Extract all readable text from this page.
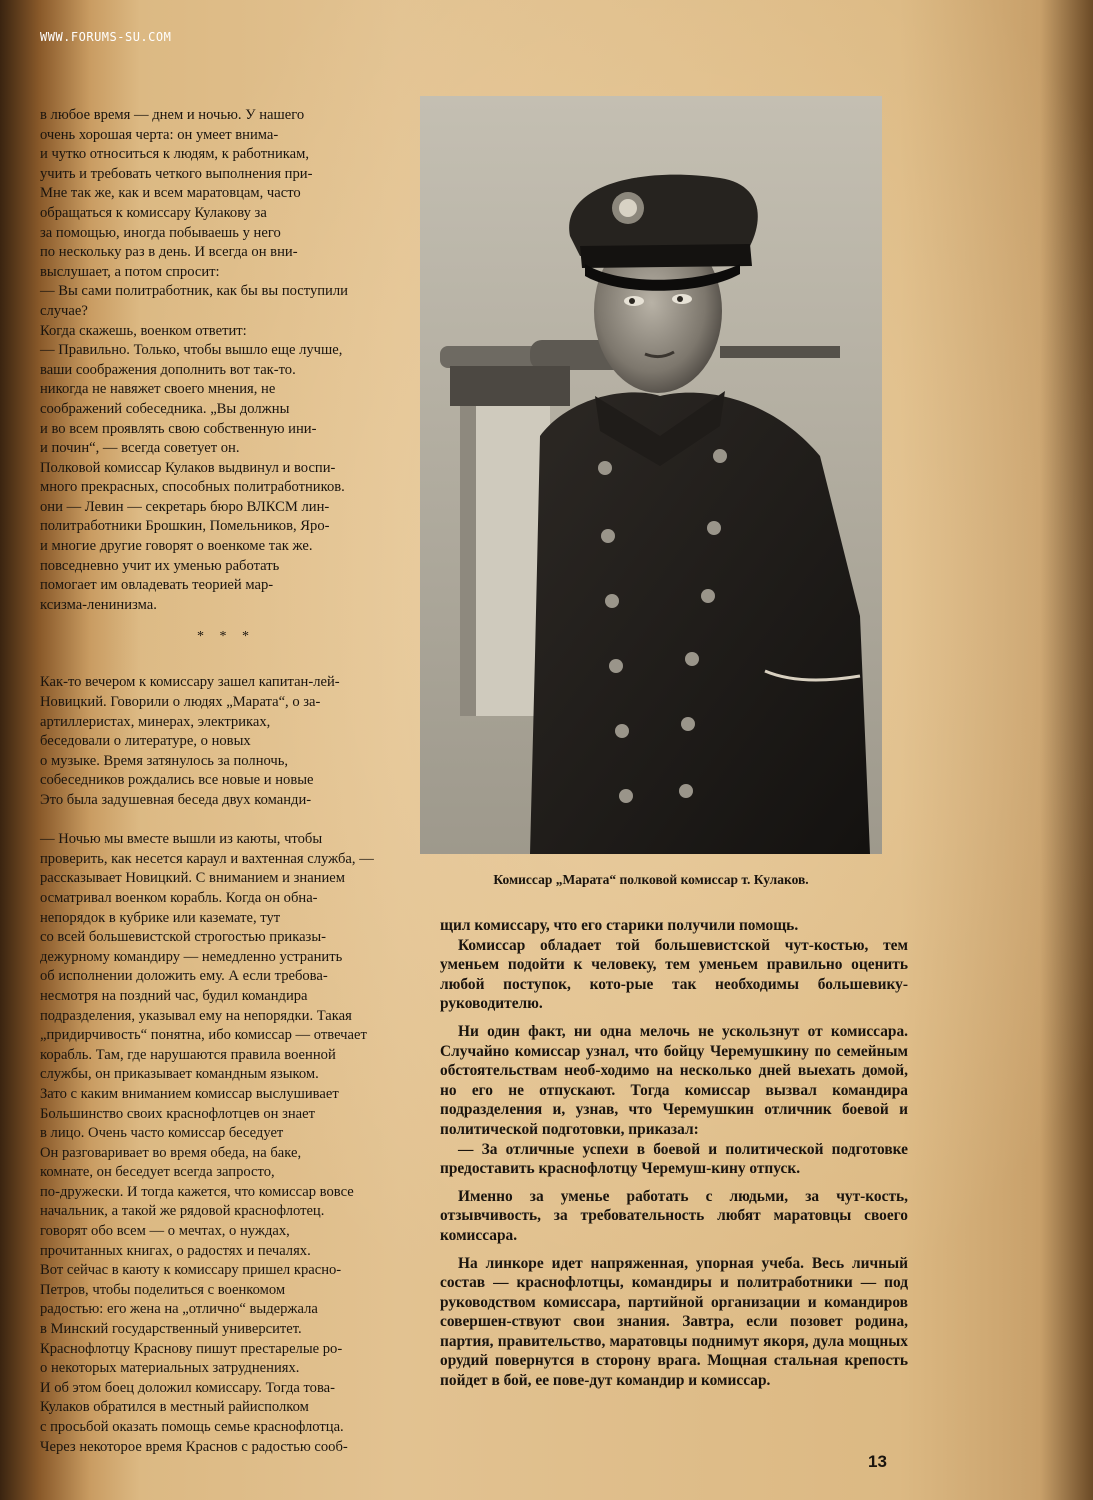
WWW.FORUMS-SU.COM

в любое время — днем и ночью. У нашего

очень хорошая черта: он умеет внима-

и чутко относиться к людям, к работникам,

учить и требовать четкого выполнения при-

Мне так же, как и всем маратовцам, часто

обращаться к комиссару Кулакову за

за помощью, иногда побываешь у него

по нескольку раз в день. И всегда он вни-

выслушает, а потом спросит:

— Вы сами политработник, как бы вы поступили

случае?

Когда скажешь, военком ответит:

— Правильно. Только, чтобы вышло еще лучше,

ваши соображения дополнить вот так-то.

никогда не навяжет своего мнения, не

соображений собеседника. „Вы должны

и во всем проявлять свою собственную ини-

и почин“, — всегда советует он.

Полковой комиссар Кулаков выдвинул и воспи-

много прекрасных, способных политработников.

они — Левин — секретарь бюро ВЛКСМ лин-

политработники Брошкин, Помельников, Яро-

и многие другие говорят о военкоме так же.

повседневно учит их уменью работать

помогает им овладевать теорией мар-

ксизма-ленинизма.

* * *

Как-то вечером к комиссару зашел капитан-лей-

Новицкий. Говорили о людях „Марата“, о за-

артиллеристах, минерах, электриках,

беседовали о литературе, о новых

о музыке. Время затянулось за полночь,

собеседников рождались все новые и новые

Это была задушевная беседа двух команди-

— Ночью мы вместе вышли из каюты, чтобы

проверить, как несется караул и вахтенная служба, —

рассказывает Новицкий. С вниманием и знанием

осматривал военком корабль. Когда он обна-

непорядок в кубрике или каземате, тут

со всей большевистской строгостью приказы-

дежурному командиру — немедленно устранить

об исполнении доложить ему. А если требова-

несмотря на поздний час, будил командира

подразделения, указывал ему на непорядки. Такая

„придирчивость“ понятна, ибо комиссар — отвечает

корабль. Там, где нарушаются правила военной

службы, он приказывает командным языком.

Зато с каким вниманием комиссар выслушивает

Большинство своих краснофлотцев он знает

в лицо. Очень часто комиссар беседует

Он разговаривает во время обеда, на баке,

комнате, он беседует всегда запросто,

по-дружески. И тогда кажется, что комиссар вовсе

начальник, а такой же рядовой краснофлотец.

говорят обо всем — о мечтах, о нуждах,

прочитанных книгах, о радостях и печалях.

Вот сейчас в каюту к комиссару пришел красно-

Петров, чтобы поделиться с военкомом

радостью: его жена на „отлично“ выдержала

в Минский государственный университет.

Краснофлотцу Краснову пишут престарелые ро-

о некоторых материальных затруднениях.

И об этом боец доложил комиссару. Тогда това-

Кулаков обратился в местный райисполком

с просьбой оказать помощь семье краснофлотца.

Через некоторое время Краснов с радостью сооб-

Комиссар „Марата“ полковой комиссар т. Кулаков.

щил комиссару, что его старики получили помощь.

Комиссар обладает той большевистской чут-костью, тем уменьем подойти к человеку, тем уменьем правильно оценить любой поступок, кото-рые так необходимы большевику-руководителю.

Ни один факт, ни одна мелочь не ускользнут от комиссара. Случайно комиссар узнал, что бойцу Черемушкину по семейным обстоятельствам необ-ходимо на несколько дней выехать домой, но его не отпускают. Тогда комиссар вызвал командира подразделения и, узнав, что Черемушкин отличник боевой и политической подготовки, приказал:

— За отличные успехи в боевой и политической подготовке предоставить краснофлотцу Черемуш-кину отпуск.

Именно за уменье работать с людьми, за чут-кость, отзывчивость, за требовательность любят маратовцы своего комиссара.

На линкоре идет напряженная, упорная учеба. Весь личный состав — краснофлотцы, командиры и политработники — под руководством комиссара, партийной организации и командиров совершен-ствуют свои знания. Завтра, если позовет родина, партия, правительство, маратовцы поднимут якоря, дула мощных орудий повернутся в сторону врага. Мощная стальная крепость пойдет в бой, ее пове-дут командир и комиссар.

13
